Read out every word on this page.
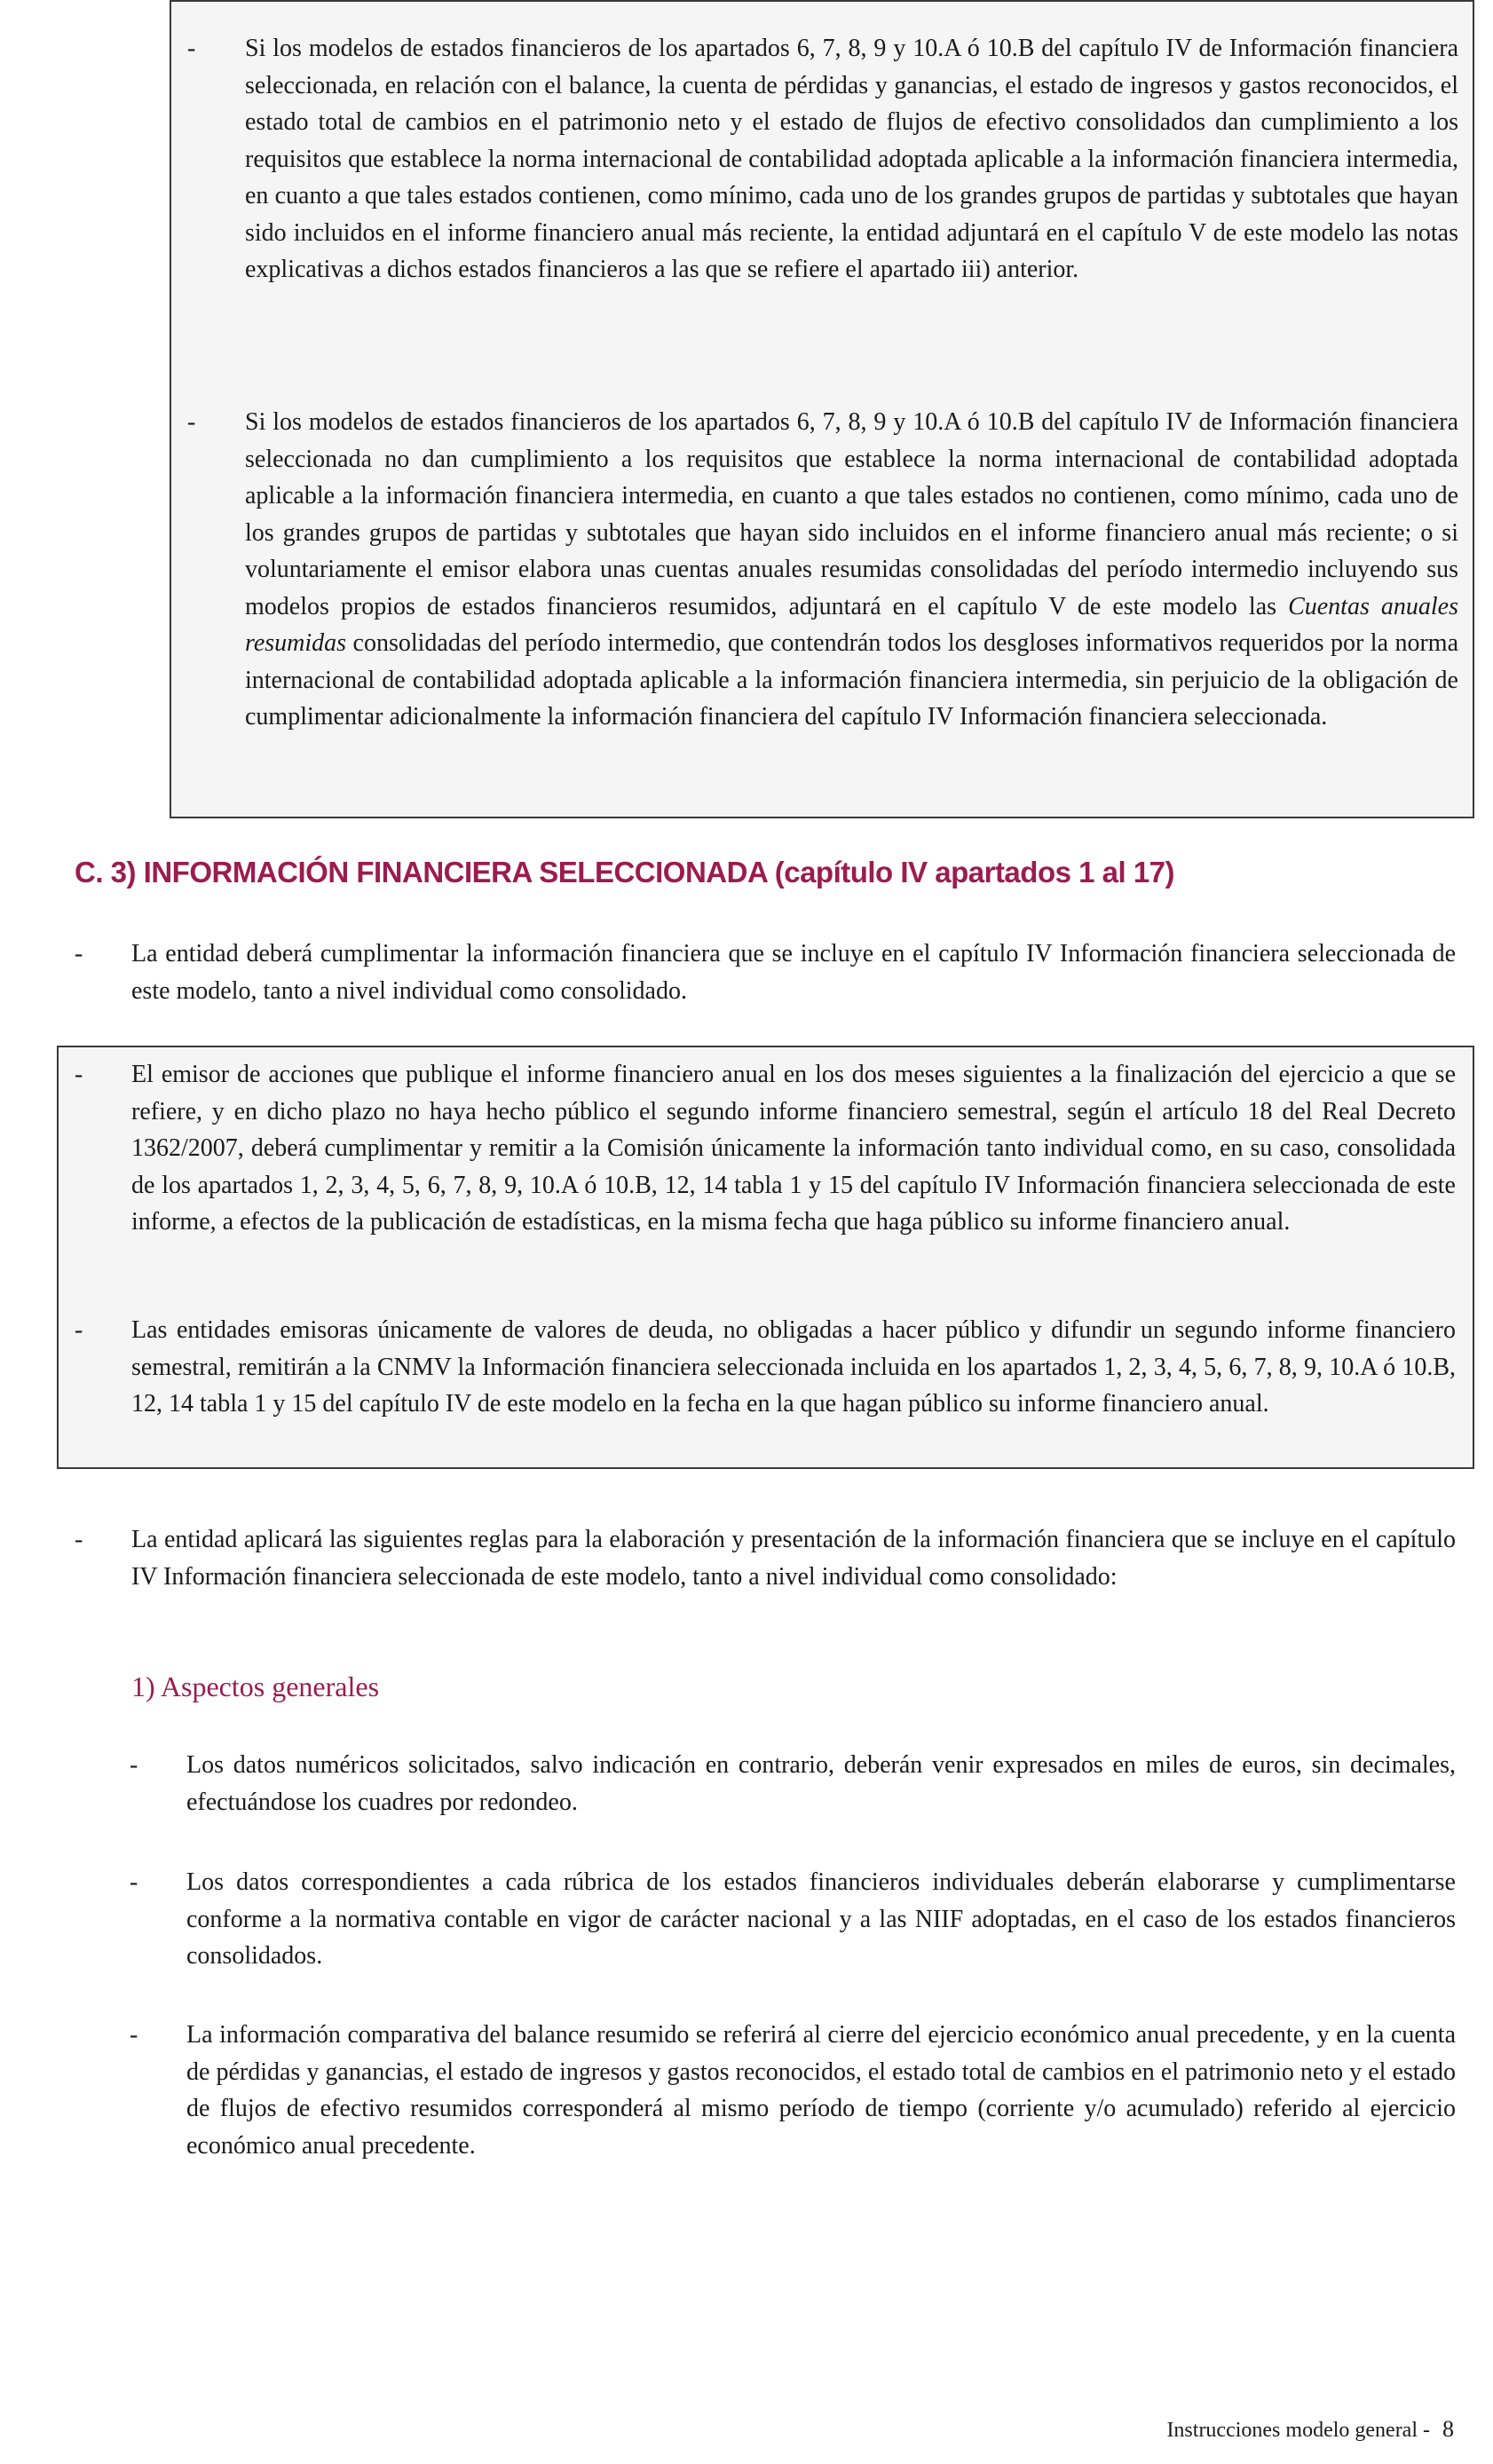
- Si los modelos de estados financieros de los apartados 6, 7, 8, 9 y 10.A ó 10.B del capítulo IV de Información financiera seleccionada, en relación con el balance, la cuenta de pérdidas y ganancias, el estado de ingresos y gastos reconocidos, el estado total de cambios en el patrimonio neto y el estado de flujos de efectivo consolidados dan cumplimiento a los requisitos que establece la norma internacional de contabilidad adoptada aplicable a la información financiera intermedia, en cuanto a que tales estados contienen, como mínimo, cada uno de los grandes grupos de partidas y subtotales que hayan sido incluidos en el informe financiero anual más reciente, la entidad adjuntará en el capítulo V de este modelo las notas explicativas a dichos estados financieros a las que se refiere el apartado iii) anterior.
- Si los modelos de estados financieros de los apartados 6, 7, 8, 9 y 10.A ó 10.B del capítulo IV de Información financiera seleccionada no dan cumplimiento a los requisitos que establece la norma internacional de contabilidad adoptada aplicable a la información financiera intermedia, en cuanto a que tales estados no contienen, como mínimo, cada uno de los grandes grupos de partidas y subtotales que hayan sido incluidos en el informe financiero anual más reciente; o si voluntariamente el emisor elabora unas cuentas anuales resumidas consolidadas del período intermedio incluyendo sus modelos propios de estados financieros resumidos, adjuntará en el capítulo V de este modelo las Cuentas anuales resumidas consolidadas del período intermedio, que contendrán todos los desgloses informativos requeridos por la norma internacional de contabilidad adoptada aplicable a la información financiera intermedia, sin perjuicio de la obligación de cumplimentar adicionalmente la información financiera del capítulo IV Información financiera seleccionada.
C. 3) INFORMACIÓN FINANCIERA SELECCIONADA (capítulo IV apartados 1 al 17)
- La entidad deberá cumplimentar la información financiera que se incluye en el capítulo IV Información financiera seleccionada de este modelo, tanto a nivel individual como consolidado.
- El emisor de acciones que publique el informe financiero anual en los dos meses siguientes a la finalización del ejercicio a que se refiere, y en dicho plazo no haya hecho público el segundo informe financiero semestral, según el artículo 18 del Real Decreto 1362/2007, deberá cumplimentar y remitir a la Comisión únicamente la información tanto individual como, en su caso, consolidada de los apartados 1, 2, 3, 4, 5, 6, 7, 8, 9, 10.A ó 10.B, 12, 14 tabla 1 y 15 del capítulo IV Información financiera seleccionada de este informe, a efectos de la publicación de estadísticas, en la misma fecha que haga público su informe financiero anual.
- Las entidades emisoras únicamente de valores de deuda, no obligadas a hacer público y difundir un segundo informe financiero semestral, remitirán a la CNMV la Información financiera seleccionada incluida en los apartados 1, 2, 3, 4, 5, 6, 7, 8, 9, 10.A ó 10.B, 12, 14 tabla 1 y 15 del capítulo IV de este modelo en la fecha en la que hagan público su informe financiero anual.
- La entidad aplicará las siguientes reglas para la elaboración y presentación de la información financiera que se incluye en el capítulo IV Información financiera seleccionada de este modelo, tanto a nivel individual como consolidado:
1) Aspectos generales
- Los datos numéricos solicitados, salvo indicación en contrario, deberán venir expresados en miles de euros, sin decimales, efectuándose los cuadres por redondeo.
- Los datos correspondientes a cada rúbrica de los estados financieros individuales deberán elaborarse y cumplimentarse conforme a la normativa contable en vigor de carácter nacional y a las NIIF adoptadas, en el caso de los estados financieros consolidados.
- La información comparativa del balance resumido se referirá al cierre del ejercicio económico anual precedente, y en la cuenta de pérdidas y ganancias, el estado de ingresos y gastos reconocidos, el estado total de cambios en el patrimonio neto y el estado de flujos de efectivo resumidos corresponderá al mismo período de tiempo (corriente y/o acumulado) referido al ejercicio económico anual precedente.
Instrucciones modelo general - 8
